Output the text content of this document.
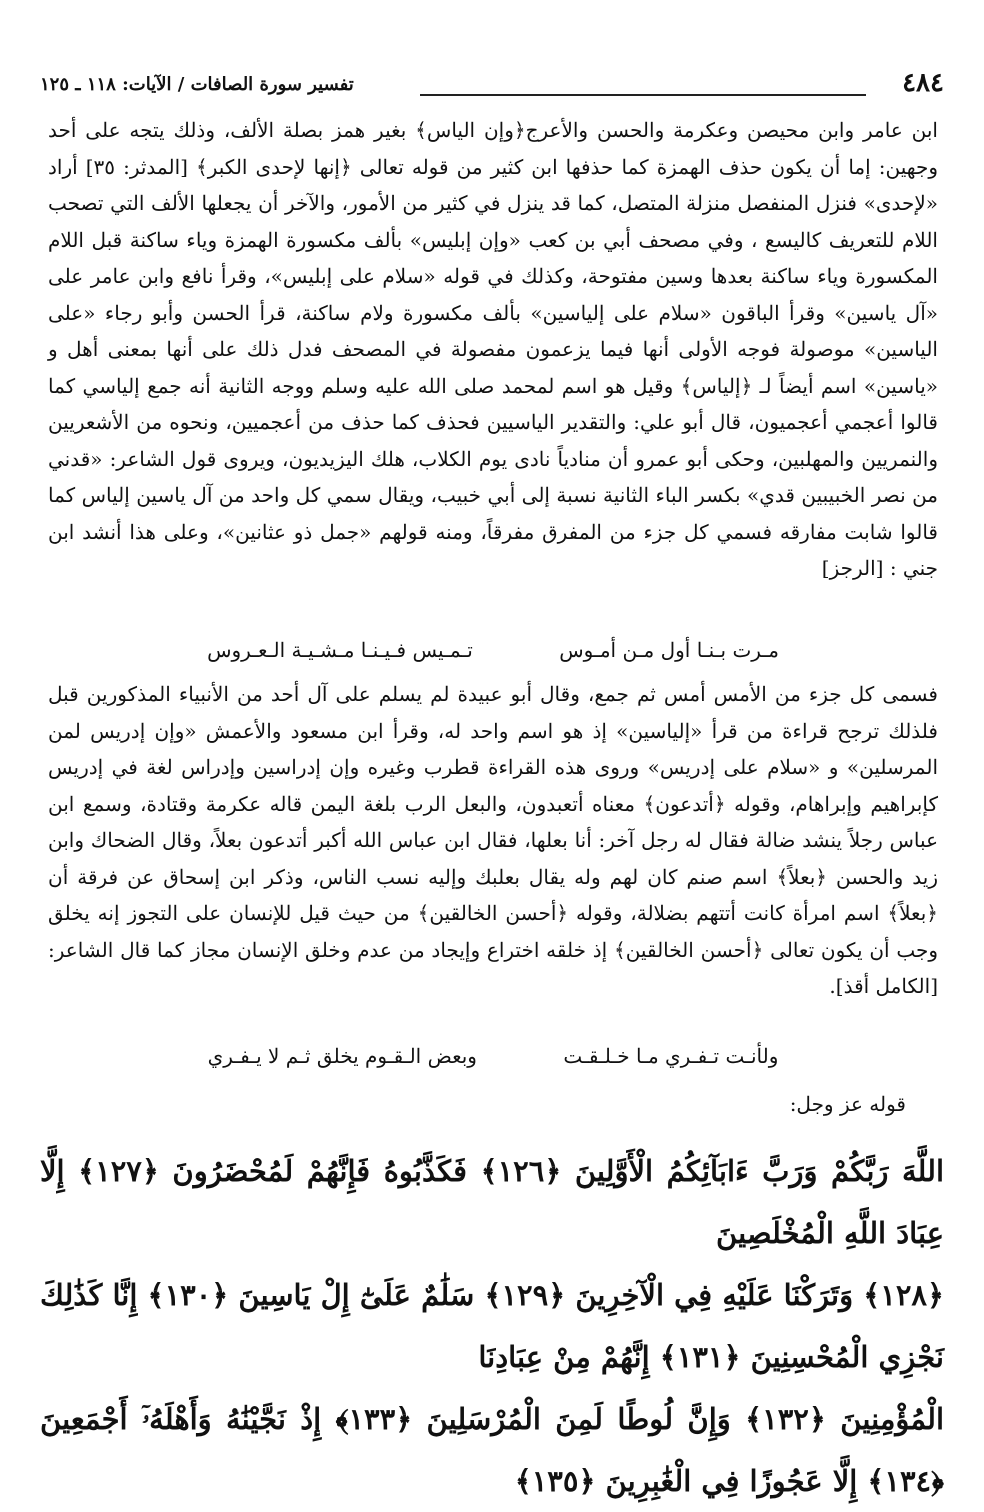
٤٨٤
تفسير سورة الصافات / الآيات: ١١٨ ـ ١٢٥

ابن عامر وابن محيصن وعكرمة والحسن والأعرج﴿وإن الياس﴾ بغير همز بصلة الألف، وذلك يتجه على أحد وجهين: إما أن يكون حذف الهمزة كما حذفها ابن كثير من قوله تعالى ﴿إنها لإحدى الكبر﴾ [المدثر: ٣٥] أراد «لإحدى» فنزل المنفصل منزلة المتصل، كما قد ينزل في كثير من الأمور، والآخر أن يجعلها الألف التي تصحب اللام للتعريف كاليسع ، وفي مصحف أبي بن كعب «وإن إبليس» بألف مكسورة الهمزة وياء ساكنة قبل اللام المكسورة وياء ساكنة بعدها وسين مفتوحة، وكذلك في قوله «سلام على إبليس»، وقرأ نافع وابن عامر على «آل ياسين» وقرأ الباقون «سلام على إلياسين» بألف مكسورة ولام ساكنة، قرأ الحسن وأبو رجاء «على الياسين» موصولة فوجه الأولى أنها فيما يزعمون مفصولة في المصحف فدل ذلك على أنها بمعنى أهل و «ياسين» اسم أيضاً لـ ﴿إلياس﴾ وقيل هو اسم لمحمد صلى الله عليه وسلم ووجه الثانية أنه جمع إلياسي كما قالوا أعجمي أعجميون، قال أبو علي: والتقدير الياسيين فحذف كما حذف من أعجميين، ونحوه من الأشعريين والنمريين والمهلبين، وحكى أبو عمرو أن منادياً نادى يوم الكلاب، هلك اليزيديون، ويروى قول الشاعر: «قدني من نصر الخبيبين قدي» بكسر الباء الثانية نسبة إلى أبي خبيب، ويقال سمي كل واحد من آل ياسين إلياس كما قالوا شابت مفارقه فسمي كل جزء من المفرق مفرقاً، ومنه قولهم «جمل ذو عثانين»، وعلى هذا أنشد ابن جني : [الرجز]

مـرت بـنـا أول مـن أمـوس تـمـيس فـيـنـا مـشـيـة الـعـروس

فسمى كل جزء من الأمس أمس ثم جمع، وقال أبو عبيدة لم يسلم على آل أحد من الأنبياء المذكورين قبل فلذلك ترجح قراءة من قرأ «إلياسين» إذ هو اسم واحد له، وقرأ ابن مسعود والأعمش «وإن إدريس لمن المرسلين» و «سلام على إدريس» وروى هذه القراءة قطرب وغيره وإن إدراسين وإدراس لغة في إدريس كإبراهيم وإبراهام، وقوله ﴿أتدعون﴾ معناه أتعبدون، والبعل الرب بلغة اليمن قاله عكرمة وقتادة، وسمع ابن عباس رجلاً ينشد ضالة فقال له رجل آخر: أنا بعلها، فقال ابن عباس الله أكبر أتدعون بعلاً، وقال الضحاك وابن زيد والحسن ﴿بعلاً﴾ اسم صنم كان لهم وله يقال بعلبك وإليه نسب الناس، وذكر ابن إسحاق عن فرقة أن ﴿بعلاً﴾ اسم امرأة كانت أتتهم بضلالة، وقوله ﴿أحسن الخالقين﴾ من حيث قيل للإنسان على التجوز إنه يخلق وجب أن يكون تعالى ﴿أحسن الخالقين﴾ إذ خلقه اختراع وإيجاد من عدم وخلق الإنسان مجاز كما قال الشاعر: [الكامل أقذ].

ولأنـت تـفـري مـا خـلـقـت وبعض الـقـوم يخلق ثـم لا يـفـري
قوله عز وجل:

اللَّهَ رَبَّكُمْ وَرَبَّ ءَابَآئِكُمُ الْأَوَّلِينَ ﴿١٢٦﴾ فَكَذَّبُوهُ فَإِنَّهُمْ لَمُحْضَرُونَ ﴿١٢٧﴾ إِلَّا عِبَادَ اللَّهِ الْمُخْلَصِينَ

﴿١٢٨﴾ وَتَرَكْنَا عَلَيْهِ فِي الْآخِرِينَ ﴿١٢٩﴾ سَلَٰمٌ عَلَىٰٓ إِلْ يَاسِينَ ﴿١٣٠﴾ إِنَّا كَذَٰلِكَ نَجْزِي الْمُحْسِنِينَ ﴿١٣١﴾ إِنَّهُمْ مِنْ عِبَادِنَا

الْمُؤْمِنِينَ ﴿١٣٢﴾ وَإِنَّ لُوطًا لَمِنَ الْمُرْسَلِينَ ﴿١٣٣﴾ إِذْ نَجَّيْنَٰهُ وَأَهْلَهُۥٓ أَجْمَعِينَ ﴿١٣٤﴾ إِلَّا عَجُوزًا فِي الْغَٰبِرِينَ ﴿١٣٥﴾
